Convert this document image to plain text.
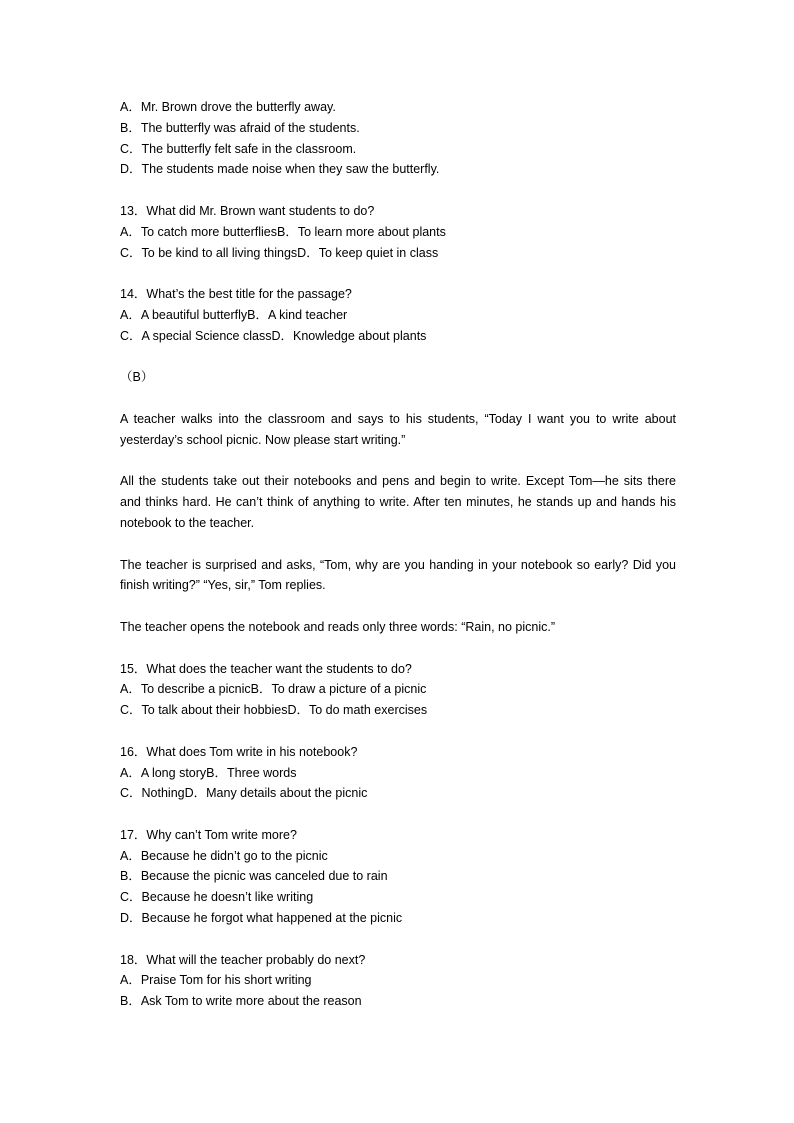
A．Mr. Brown drove the butterfly away.
B．The butterfly was afraid of the students.
C．The butterfly felt safe in the classroom.
D．The students made noise when they saw the butterfly.
13．What did Mr. Brown want students to do?
A．To catch more butterfliesB．To learn more about plants
C．To be kind to all living thingsD．To keep quiet in class
14．What’s the best title for the passage?
A．A beautiful butterflyB．A kind teacher
C．A special Science classD．Knowledge about plants
（B）
A teacher walks into the classroom and says to his students, “Today I want you to write about yesterday’s school picnic. Now please start writing.”
All the students take out their notebooks and pens and begin to write. Except Tom—he sits there and thinks hard. He can’t think of anything to write. After ten minutes, he stands up and hands his notebook to the teacher.
The teacher is surprised and asks, “Tom, why are you handing in your notebook so early? Did you finish writing?” “Yes, sir,” Tom replies.
The teacher opens the notebook and reads only three words: “Rain, no picnic.”
15．What does the teacher want the students to do?
A．To describe a picnicB．To draw a picture of a picnic
C．To talk about their hobbiesD．To do math exercises
16．What does Tom write in his notebook?
A．A long storyB．Three words
C．NothingD．Many details about the picnic
17．Why can’t Tom write more?
A．Because he didn’t go to the picnic
B．Because the picnic was canceled due to rain
C．Because he doesn’t like writing
D．Because he forgot what happened at the picnic
18．What will the teacher probably do next?
A．Praise Tom for his short writing
B．Ask Tom to write more about the reason
